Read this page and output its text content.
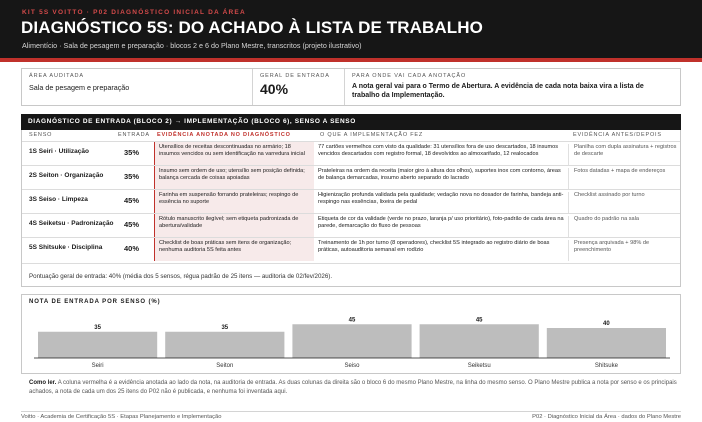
KIT 5S VOITTO · P02 DIAGNÓSTICO INICIAL DA ÁREA
DIAGNÓSTICO 5S: DO ACHADO À LISTA DE TRABALHO
Alimentício · Sala de pesagem e preparação · blocos 2 e 6 do Plano Mestre, transcritos (projeto ilustrativo)
ÁREA AUDITADA
Sala de pesagem e preparação
GERAL DE ENTRADA
40%
PARA ONDE VAI CADA ANOTAÇÃO
A nota geral vai para o Termo de Abertura. A evidência de cada nota baixa vira a lista de trabalho da Implementação.
DIAGNÓSTICO DE ENTRADA (BLOCO 2) → IMPLEMENTAÇÃO (BLOCO 6), SENSO A SENSO
SENSO	ENTRADA EVIDÊNCIA ANOTADA NO DIAGNÓSTICO	O QUE A IMPLEMENTAÇÃO FEZ	EVIDÊNCIA ANTES/DEPOIS
1S Seiri · Utilização	35%
Utensílios de receitas descontinuadas no armário; 18 insumos vencidos ou sem identificação na varredura inicial
77 cartões vermelhos com visto da qualidade: 31 utensílios fora de uso descartados, 18 insumos vencidos descartados com registro formal, 18 devolvidos ao almoxarifado, 12 realocados
Planilha com dupla assinatura + registros de descarte
2S Seiton · Organização	35%
Insumo sem ordem de uso; utensílio sem posição definida; balança cercada de coisas apoiadas
Prateleiras na ordem da receita (maior giro à altura dos olhos), suportes inox com contorno, áreas de balança demarcadas, insumo aberto separado do lacrado
Fotos datadas + mapa de endereços
3S Seiso · Limpeza	45%
Farinha em suspensão forrando prateleiras; respingo de essência no suporte
Higienização profunda validada pela qualidade; vedação nova no dosador de farinha, bandeja anti-respingo nas essências, lixeira de pedal
Checklist assinado por turno
4S Seiketsu · Padronização 45%
Rótulo manuscrito ilegível; sem etiqueta padronizada de abertura/validade
Etiqueta de cor da validade (verde no prazo, laranja p/ uso prioritário), foto-padrão de cada área na parede, demarcação do fluxo de pessoas
Quadro do padrão na sala
5S Shitsuke · Disciplina	40%
Checklist de boas práticas sem itens de organização; nenhuma auditoria 5S feita antes
Treinamento de 1h por turno (8 operadores), checklist 5S integrado ao registro diário de boas práticas, autoauditoria semanal em rodízio
Presença arquivada + 98% de preenchimento
Pontuação geral de entrada: 40% (média dos 5 sensos, régua padrão de 25 itens — auditoria de 02/fev/2026).
NOTA DE ENTRADA POR SENSO (%)
35
Seiri
35
Seiton
45
Seiso
45
Seiketsu
40
Shitsuke
Como ler. A coluna vermelha é a evidência anotada ao lado da nota, na auditoria de entrada. As duas colunas da direita são o bloco 6 do mesmo Plano Mestre, na linha do mesmo senso. O Plano Mestre publica a nota por senso e os principais achados, a nota de cada um dos 25 itens do P02 não é publicada, e nenhuma foi inventada aqui.
Voitto · Academia de Certificação 5S · Etapas Planejamento e Implementação	P02 · Diagnóstico Inicial da Área · dados do Plano Mestre
